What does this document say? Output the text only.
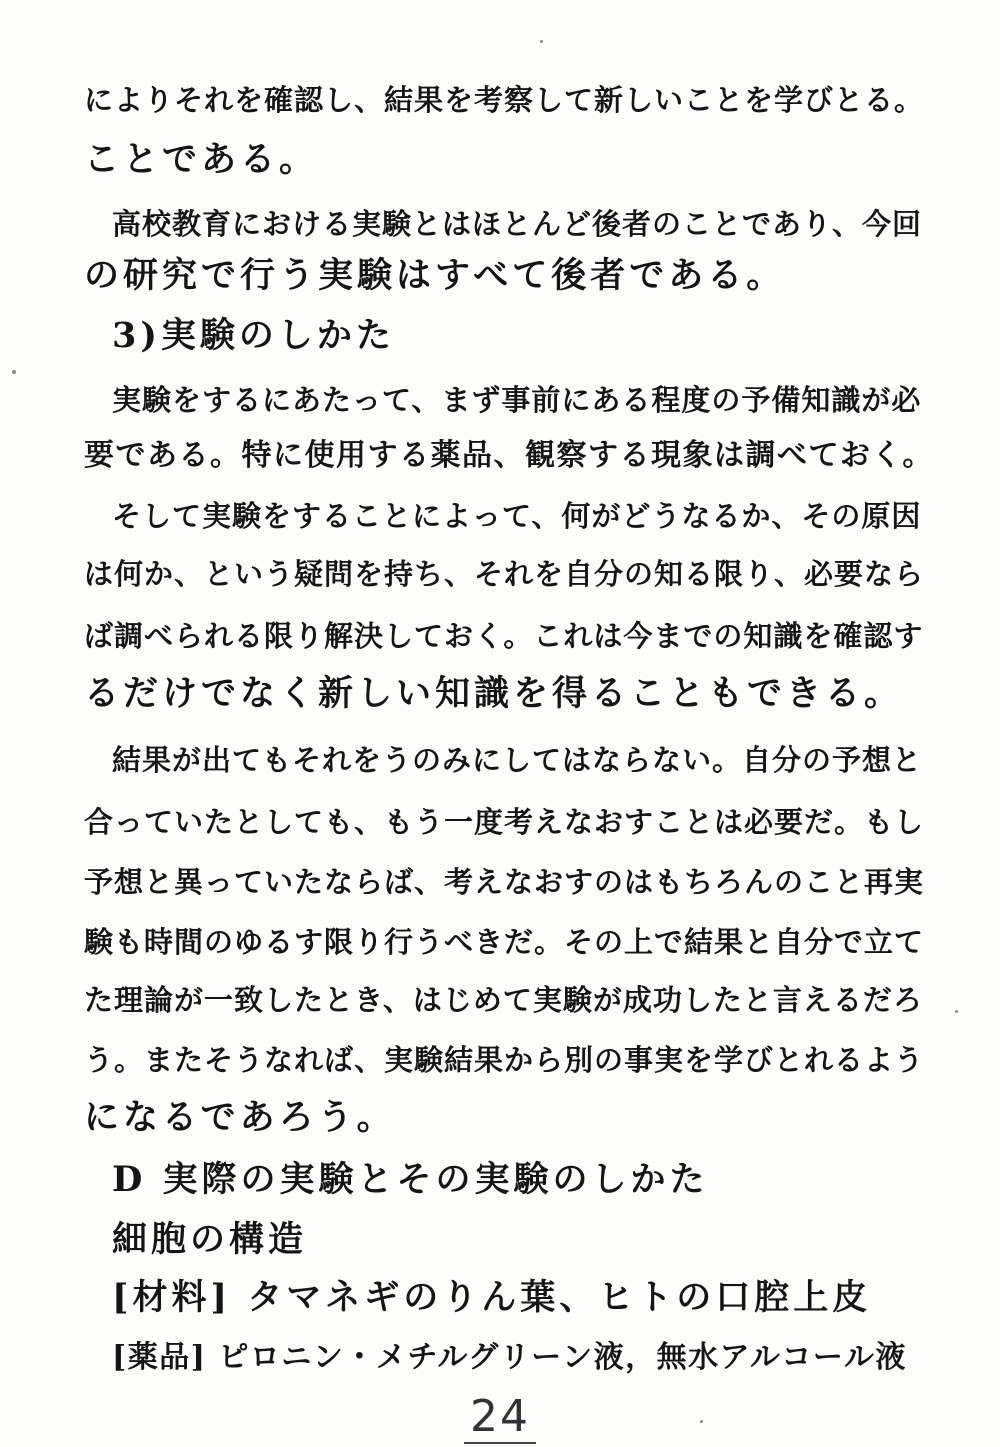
によりそれを確認し、結果を考察して新しいことを学びとる。
ことである。
高校教育における実験とはほとんど後者のことであり、今回
の研究で行う実験はすべて後者である。
3)実験のしかた
実験をするにあたって、まず事前にある程度の予備知識が必
要である。特に使用する薬品、観察する現象は調べておく。
そして実験をすることによって、何がどうなるか、その原因
は何か、という疑問を持ち、それを自分の知る限り、必要なら
ば調べられる限り解決しておく。これは今までの知識を確認す
るだけでなく新しい知識を得ることもできる。
結果が出てもそれをうのみにしてはならない。自分の予想と
合っていたとしても、もう一度考えなおすことは必要だ。もし
予想と異っていたならば、考えなおすのはもちろんのこと再実
験も時間のゆるす限り行うべきだ。その上で結果と自分で立て
た理論が一致したとき、はじめて実験が成功したと言えるだろ
う。またそうなれば、実験結果から別の事実を学びとれるよう
になるであろう。
D 実際の実験とその実験のしかた
細胞の構造
[材料] タマネギのりん葉、ヒトの口腔上皮
[薬品] ピロニン・メチルグリーン液，無水アルコール液
24
